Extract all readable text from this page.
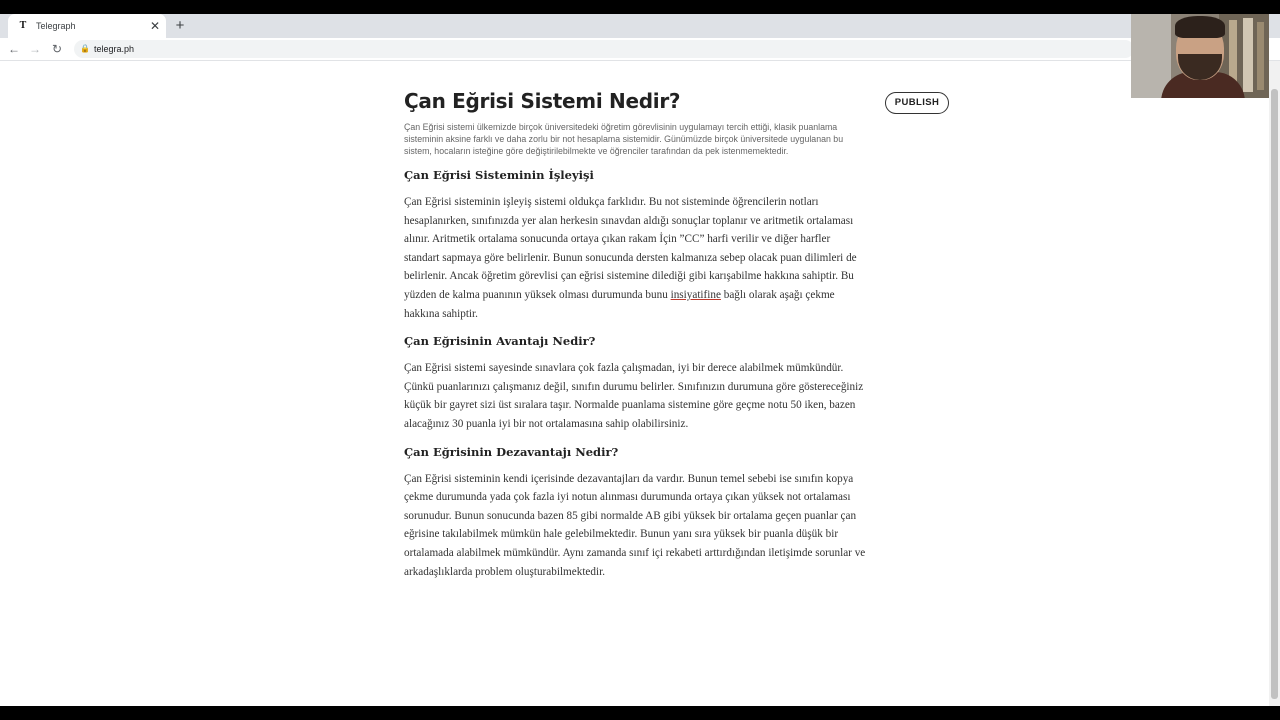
T Telegraph	✕ +
← → ↻	🔒 telegra.ph
Çan Eğrisi Sistemi Nedir?
Çan Eğrisi sistemi ülkemizde birçok üniversitedeki öğretim görevlisinin uygulamayı tercih ettiği, klasik puanlama sisteminin aksine farklı ve daha zorlu bir not hesaplama sistemidir. Günümüzde birçok üniversitede uygulanan bu sistem, hocaların isteğine göre değiştirilebilmekte ve öğrenciler tarafından da pek istenmemektedir.
Çan Eğrisi Sisteminin İşleyişi

Çan Eğrisi sisteminin işleyiş sistemi oldukça farklıdır. Bu not sisteminde öğrencilerin notları hesaplanırken, sınıfınızda yer alan herkesin sınavdan aldığı sonuçlar toplanır ve aritmetik ortalaması alınır. Aritmetik ortalama sonucunda ortaya çıkan rakam İçin ”CC” harfi verilir ve diğer harfler standart sapmaya göre belirlenir. Bunun sonucunda dersten kalmanıza sebep olacak puan dilimleri de belirlenir. Ancak öğretim görevlisi çan eğrisi sistemine dilediği gibi karışabilme hakkına sahiptir. Bu yüzden de kalma puanının yüksek olması durumunda bunu insiyatifine bağlı olarak aşağı çekme hakkına sahiptir.

Çan Eğrisinin Avantajı Nedir?

Çan Eğrisi sistemi sayesinde sınavlara çok fazla çalışmadan, iyi bir derece alabilmek mümkündür. Çünkü puanlarınızı çalışmanız değil, sınıfın durumu belirler. Sınıfınızın durumuna göre göstereceğiniz küçük bir gayret sizi üst sıralara taşır. Normalde puanlama sistemine göre geçme notu 50 iken, bazen alacağınız 30 puanla iyi bir not ortalamasına sahip olabilirsiniz.

Çan Eğrisinin Dezavantajı Nedir?

Çan Eğrisi sisteminin kendi içerisinde dezavantajları da vardır. Bunun temel sebebi ise sınıfın kopya çekme durumunda yada çok fazla iyi notun alınması durumunda ortaya çıkan yüksek not ortalaması sorunudur. Bunun sonucunda bazen 85 gibi normalde AB gibi yüksek bir ortalama geçen puanlar çan eğrisine takılabilmek mümkün hale gelebilmektedir. Bunun yanı sıra yüksek bir puanla düşük bir ortalamada alabilmek mümkündür. Aynı zamanda sınıf içi rekabeti arttırdığından iletişimde sorunlar ve arkadaşlıklarda problem oluşturabilmektedir.

PUBLISH
